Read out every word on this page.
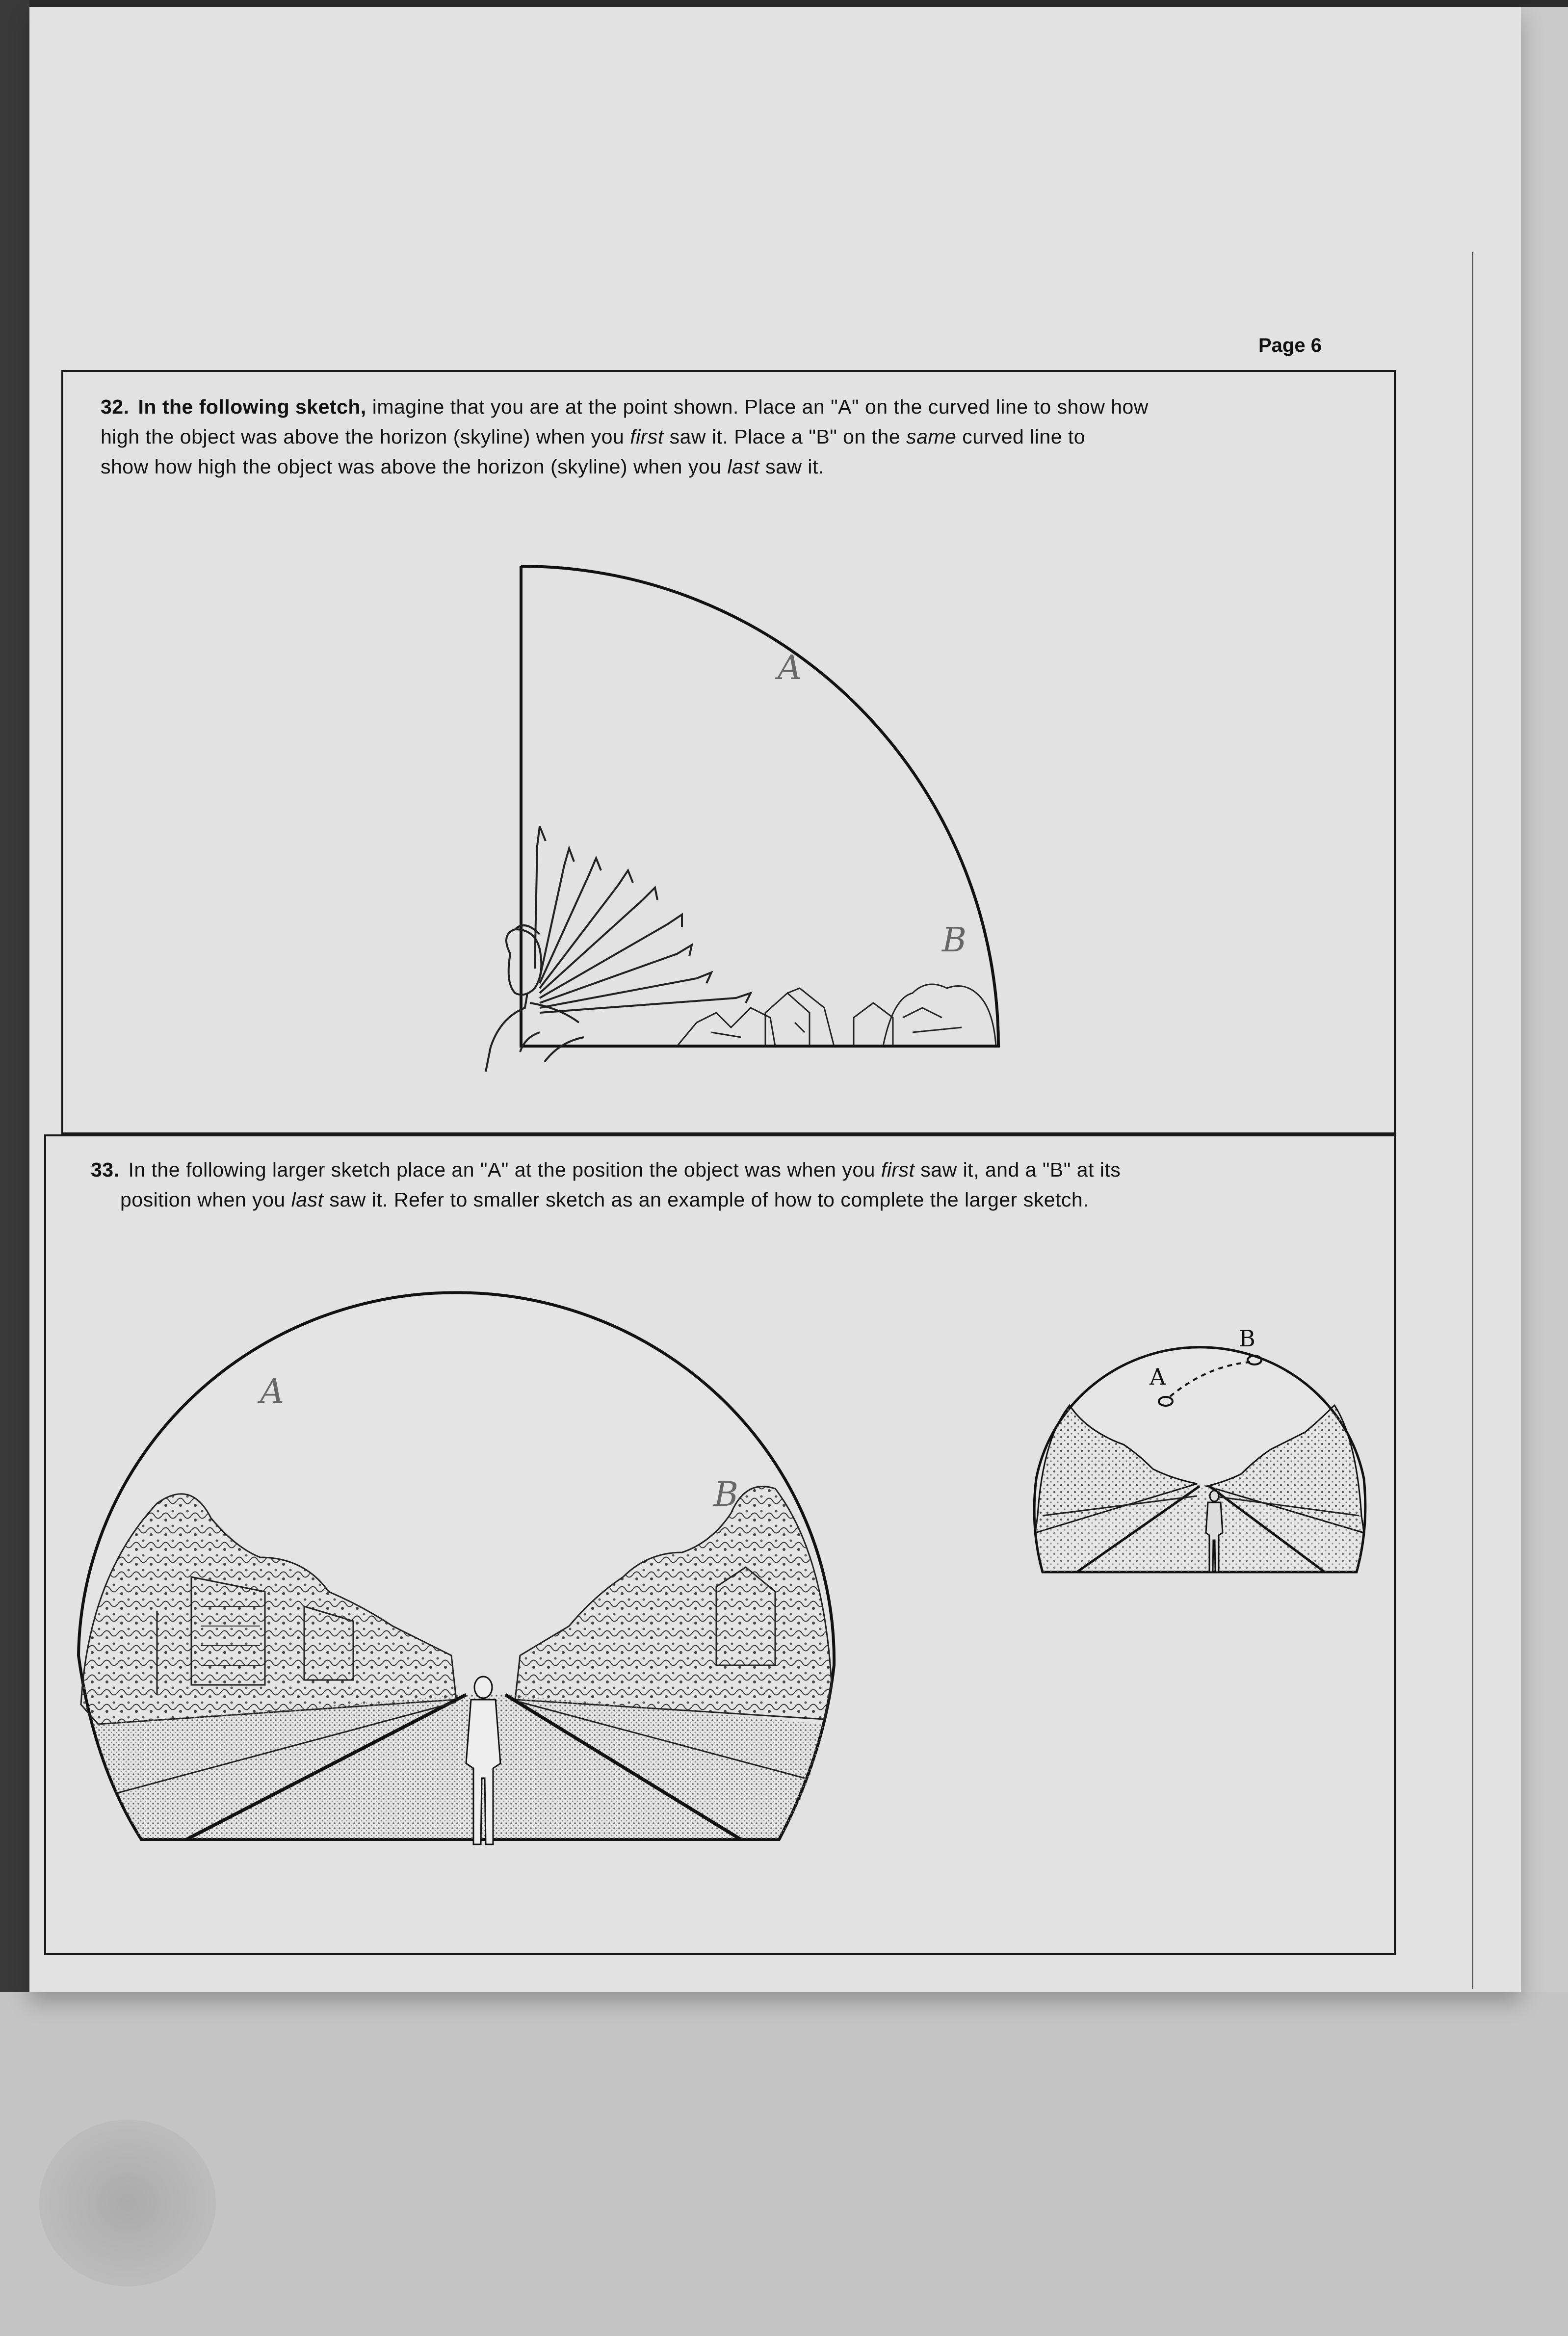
Page 6
32. In the following sketch, imagine that you are at the point shown. Place an "A" on the curved line to show how
high the object was above the horizon (skyline) when you first saw it. Place a "B" on the same curved line to
show how high the object was above the horizon (skyline) when you last saw it.
A
B
33. In the following larger sketch place an "A" at the position the object was when you first saw it, and a "B" at its
position when you last saw it. Refer to smaller sketch as an example of how to complete the larger sketch.
A
B
A
B
